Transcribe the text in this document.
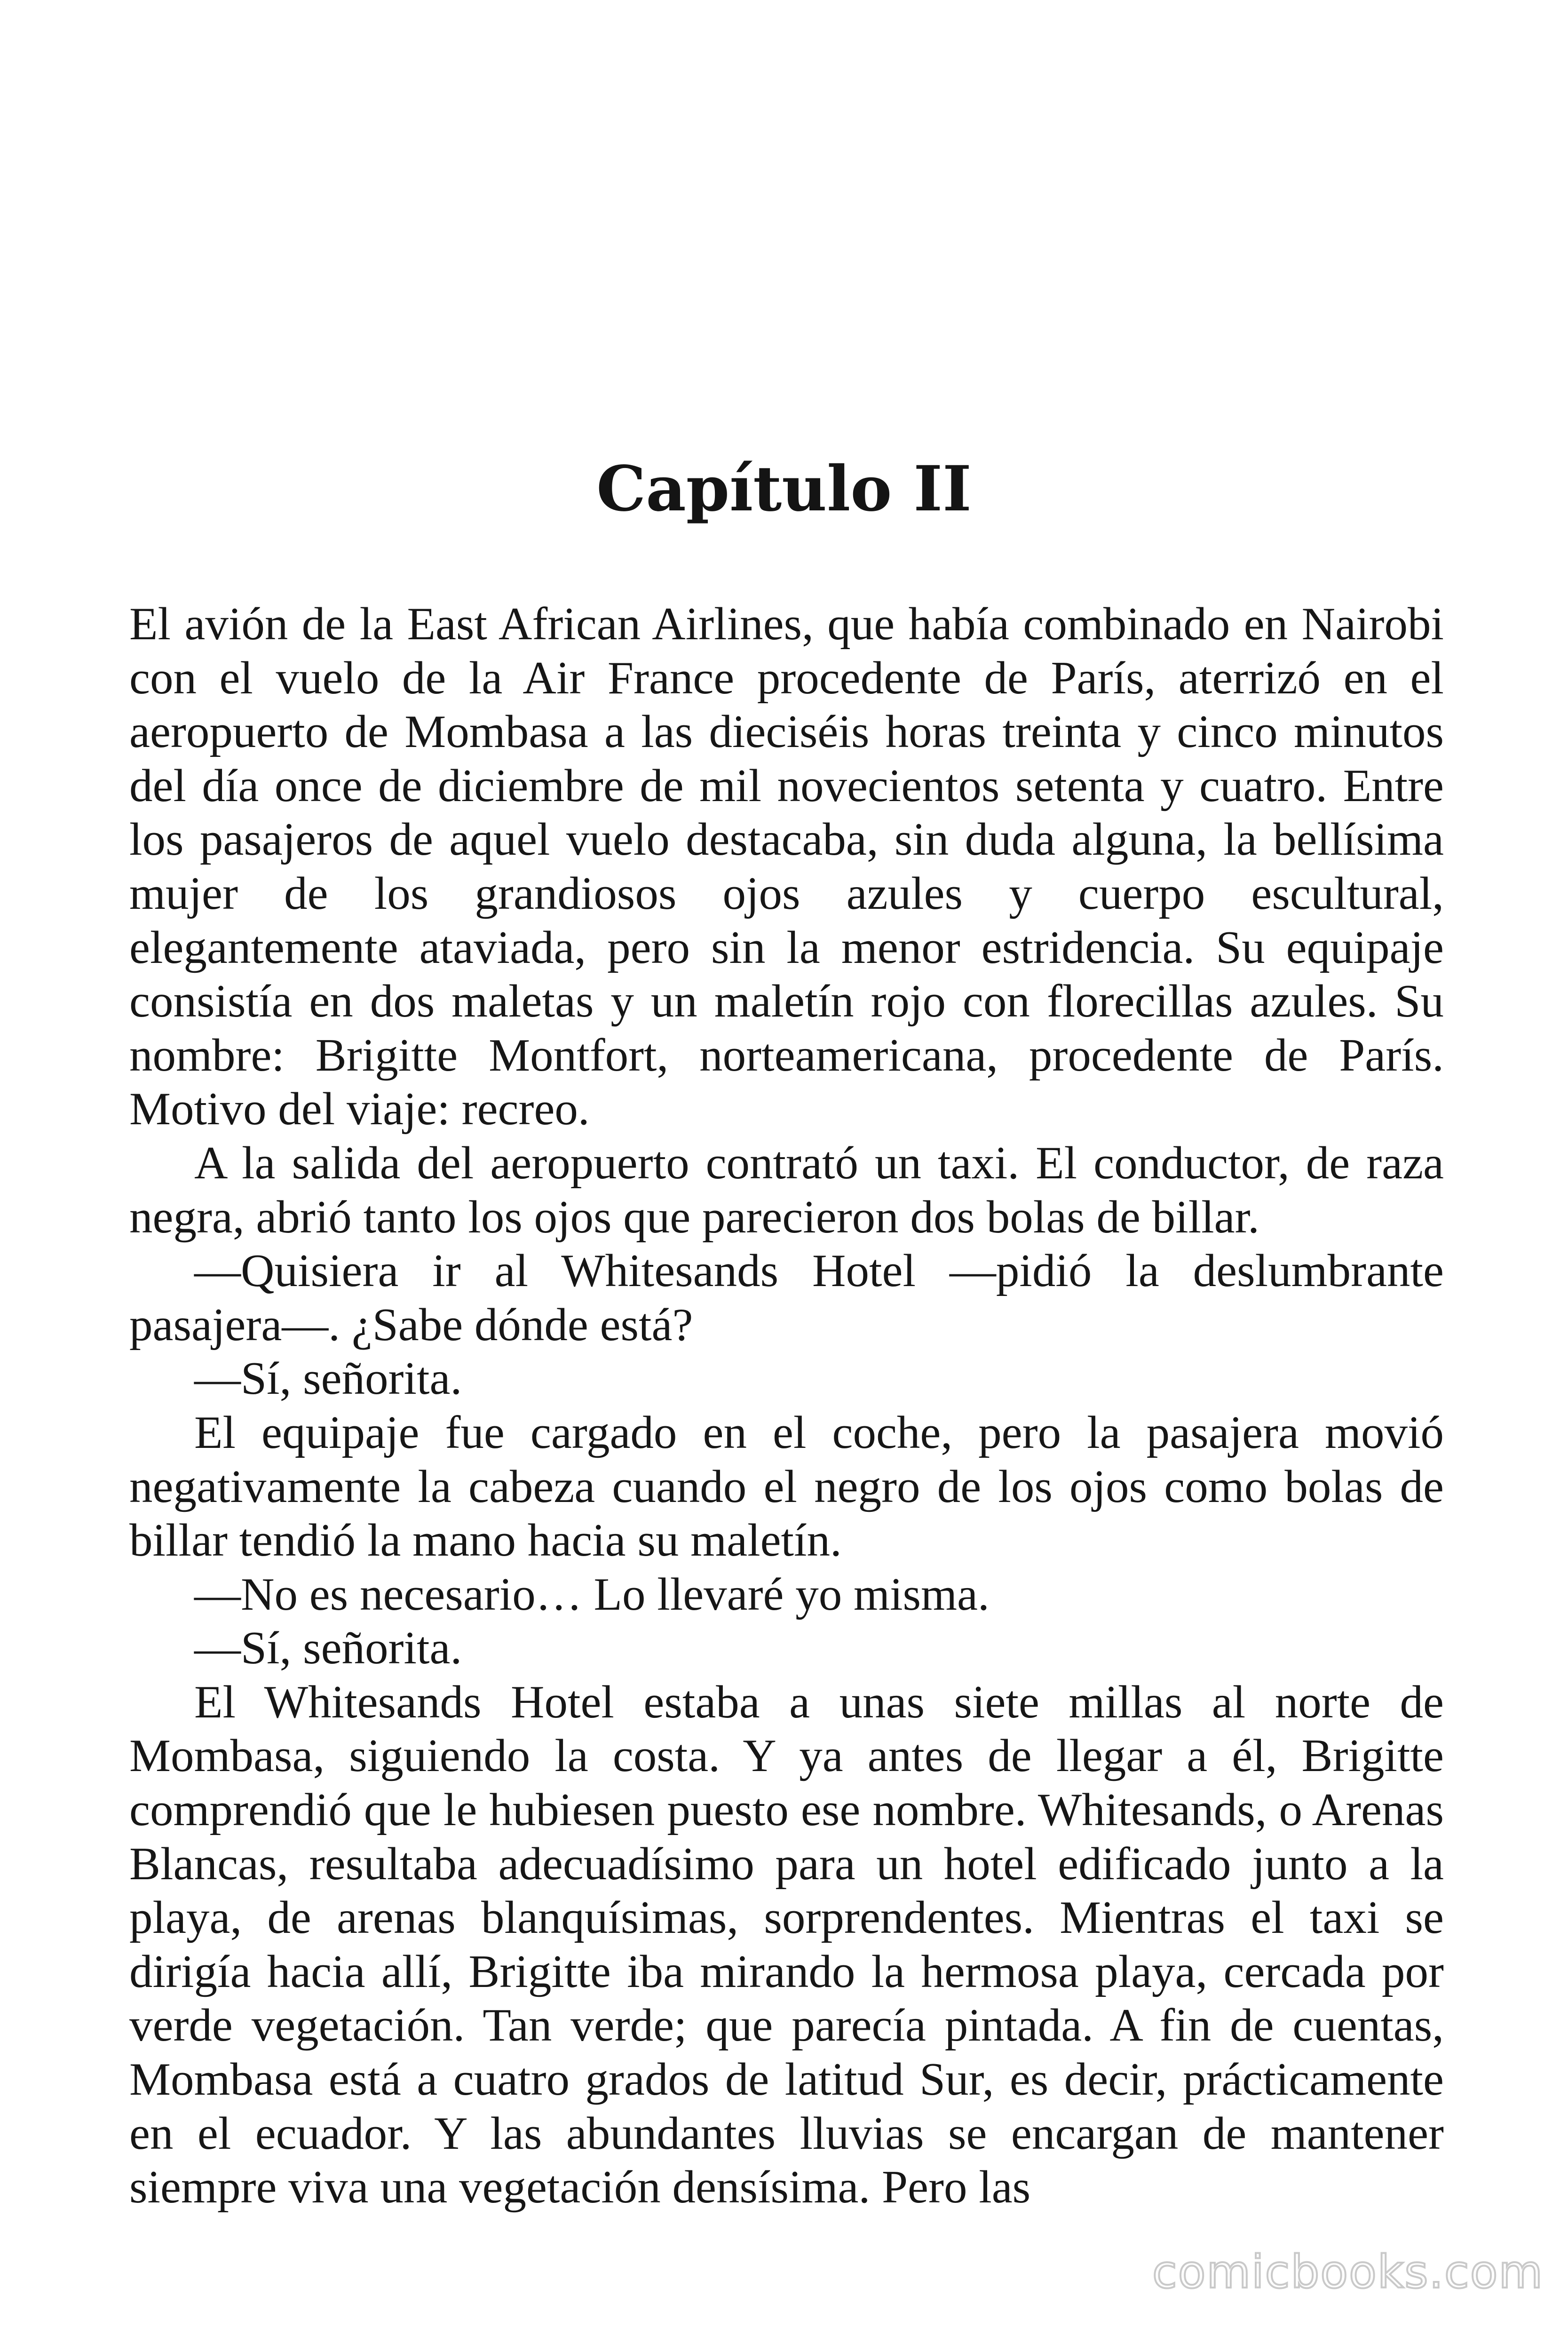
Capítulo II

El avión de la East African Airlines, que había combinado en Nairobi con el vuelo de la Air France procedente de París, aterrizó en el aeropuerto de Mombasa a las dieciséis horas treinta y cinco minutos del día once de diciembre de mil novecientos setenta y cuatro. Entre los pasajeros de aquel vuelo destacaba, sin duda alguna, la bellísima mujer de los grandiosos ojos azules y cuerpo escultural, elegantemente ataviada, pero sin la menor estridencia. Su equipaje consistía en dos maletas y un maletín rojo con florecillas azules. Su nombre: Brigitte Montfort, norteamericana, procedente de París. Motivo del viaje: recreo.

A la salida del aeropuerto contrató un taxi. El conductor, de raza negra, abrió tanto los ojos que parecieron dos bolas de billar.

—Quisiera ir al Whitesands Hotel —pidió la deslumbrante pasajera—. ¿Sabe dónde está?

—Sí, señorita.

El equipaje fue cargado en el coche, pero la pasajera movió negativamente la cabeza cuando el negro de los ojos como bolas de billar tendió la mano hacia su maletín.

—No es necesario… Lo llevaré yo misma.

—Sí, señorita.

El Whitesands Hotel estaba a unas siete millas al norte de Mombasa, siguiendo la costa. Y ya antes de llegar a él, Brigitte comprendió que le hubiesen puesto ese nombre. Whitesands, o Arenas Blancas, resultaba adecuadísimo para un hotel edificado junto a la playa, de arenas blanquísimas, sorprendentes. Mientras el taxi se dirigía hacia allí, Brigitte iba mirando la hermosa playa, cercada por verde vegetación. Tan verde; que parecía pintada. A fin de cuentas, Mombasa está a cuatro grados de latitud Sur, es decir, prácticamente en el ecuador. Y las abundantes lluvias se encargan de mantener siempre viva una vegetación densísima. Pero las

comicbooks.com
